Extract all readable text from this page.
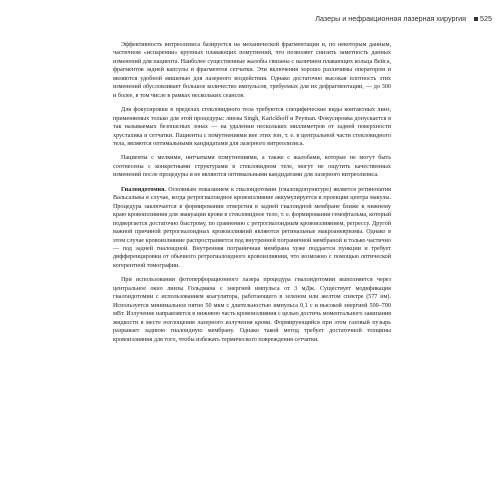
Лазеры и нефракционная лазерная хирургия	525

Эффективность витреолизиса базируется на механической фрагментации и, по некоторым данным, частичном «испарении» крупных плавающих помутнений, что позволяет снизить заметность данных изменений для пациента. Наиболее существенные жалобы связаны с наличием плавающих кольца Вейса, фрагментов задней капсулы и фрагментов сетчатки. Эти включения хорошо различимы оператором и являются удобной мишенью для лазерного воздействия. Однако достаточно высокая плотность этих изменений обусловливает большое количество импульсов, требуемых для их дефрагментации, — до 300 и более, в том числе в рамках нескольких сеансов.

Для фокусировки в пределах стекловидного тела требуются специфические виды контактных линз, применяемых только для этой процедуры: линзы Singh, Karickhoff и Peyman. Фокусировка допускается в так называемых безопасных зонах — на удалении нескольких миллиметров от задней поверхности хрусталика и сетчатки. Пациенты с помутнениями вне этих зон, т. е. в центральной части стекловидного тела, являются оптимальными кандидатами для лазерного витреолизиса.

Пациенты с мелкими, нитчатыми помутнениями, а также с жалобами, которые не могут быть соотнесены с конкретными структурами в стекловидном теле, могут не ощутить качественных изменений после процедуры и не являются оптимальными кандидатами для лазерного витреолизиса.

Гиалоидотомия. Основным показанием к гиалоидотомии (гиалоидопунктуре) является ретинопатия Вальсальвы в случае, когда ретрогиалоидное кровоизлияние аккумулируется в проекции центра макулы. Процедура заключается в формировании отверстия в задней гиалоидной мембране ближе к нижнему краю кровоизлияния для эвакуации крови в стекловидное тело, т. е. формировании гемофтальма, который подвергается достаточно быстрому, по сравнению с ретрогиалоидным кровоизлиянием, регрессу. Другой важной причиной ретрогиалоидных кровоизлияний являются ретинальные макроаневризмы. Однако в этом случае кровоизлияние распространяется под внутренней пограничной мембраной и только частично — под задней гиалоидной. Внутренняя пограничная мембрана хуже поддается пункции и требует дифференцировки от обычного ретрогиалоидного кровоизлияния, что возможно с помощью оптической когерентной томографии.

При использовании фотоперфорационного лазера процедура гиалоидотомии выполняется через центральное окно линзы Гольдмана с энергией импульса от 3 мДж. Существует модификация гиалоидотомии с использованием коагулятора, работающего в зеленом или желтом спектре (577 нм). Используется минимальное пятно 50 мкм с длительностью импульса 0,1 с и высокой энергией 500–700 мВт. Излучение направляется в нижнюю часть кровоизлияния с целью достичь моментального закипания жидкости в месте поглощения лазерного излучения крови. Формирующийся при этом газовый пузырь разрывает заднюю гиалоидную мембрану. Однако такой метод требует достаточной толщины кровоизлияния для того, чтобы избежать термического повреждения сетчатки.
